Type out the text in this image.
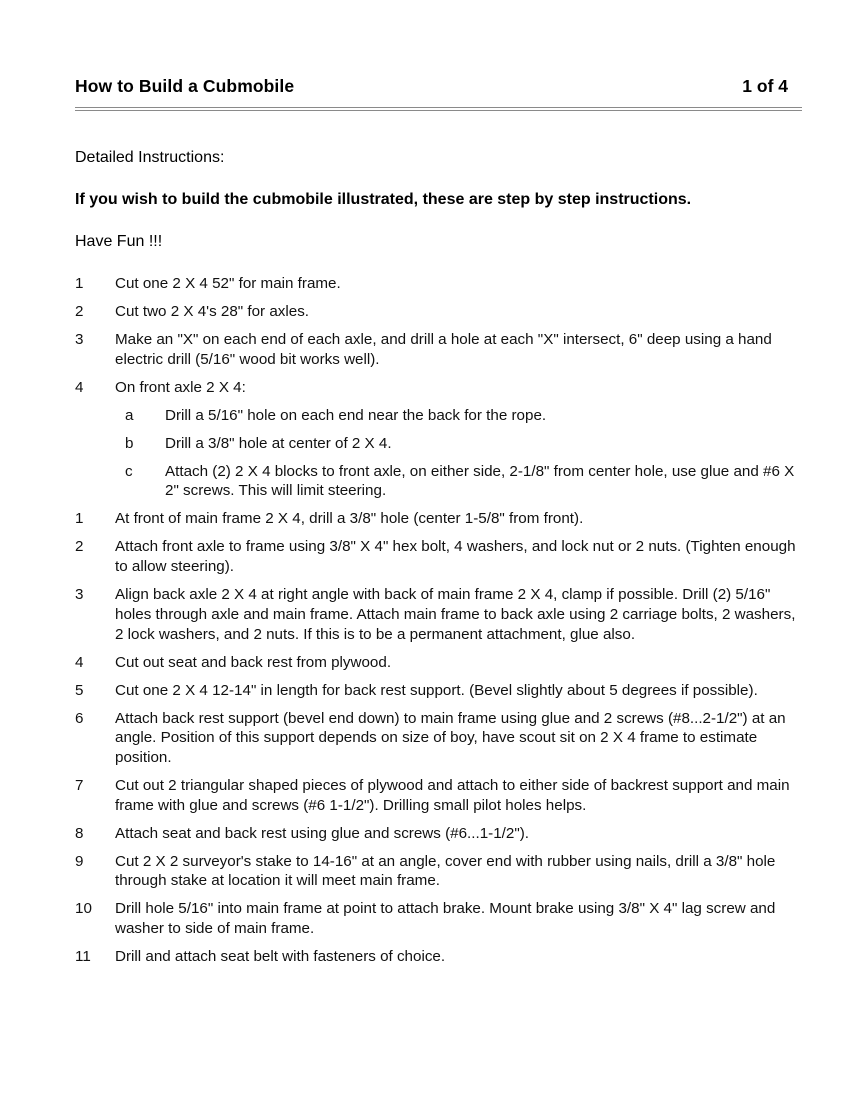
How to Build a Cubmobile	1 of 4
Detailed Instructions:
If you wish to build the cubmobile illustrated, these are step by step instructions.
Have Fun !!!
1 Cut one 2 X 4 52" for main frame.
2 Cut two 2 X 4's 28" for axles.
3 Make an "X" on each end of each axle, and drill a hole at each "X" intersect, 6" deep using a hand electric drill (5/16" wood bit works well).
4 On front axle 2 X 4:
a Drill a 5/16" hole on each end near the back for the rope.
b Drill a 3/8" hole at center of 2 X 4.
c Attach (2) 2 X 4 blocks to front axle, on either side, 2-1/8" from center hole, use glue and #6 X 2" screws. This will limit steering.
1 At front of main frame 2 X 4, drill a 3/8" hole (center 1-5/8" from front).
2 Attach front axle to frame using 3/8" X 4" hex bolt, 4 washers, and lock nut or 2 nuts. (Tighten enough to allow steering).
3 Align back axle 2 X 4 at right angle with back of main frame 2 X 4, clamp if possible. Drill (2) 5/16" holes through axle and main frame. Attach main frame to back axle using 2 carriage bolts, 2 washers, 2 lock washers, and 2 nuts. If this is to be a permanent attachment, glue also.
4 Cut out seat and back rest from plywood.
5 Cut one 2 X 4 12-14" in length for back rest support. (Bevel slightly about 5 degrees if possible).
6 Attach back rest support (bevel end down) to main frame using glue and 2 screws (#8...2-1/2") at an angle. Position of this support depends on size of boy, have scout sit on 2 X 4 frame to estimate position.
7 Cut out 2 triangular shaped pieces of plywood and attach to either side of backrest support and main frame with glue and screws (#6 1-1/2"). Drilling small pilot holes helps.
8 Attach seat and back rest using glue and screws (#6...1-1/2").
9 Cut 2 X 2 surveyor's stake to 14-16" at an angle, cover end with rubber using nails, drill a 3/8" hole through stake at location it will meet main frame.
10 Drill hole 5/16" into main frame at point to attach brake. Mount brake using 3/8" X 4" lag screw and washer to side of main frame.
11 Drill and attach seat belt with fasteners of choice.
